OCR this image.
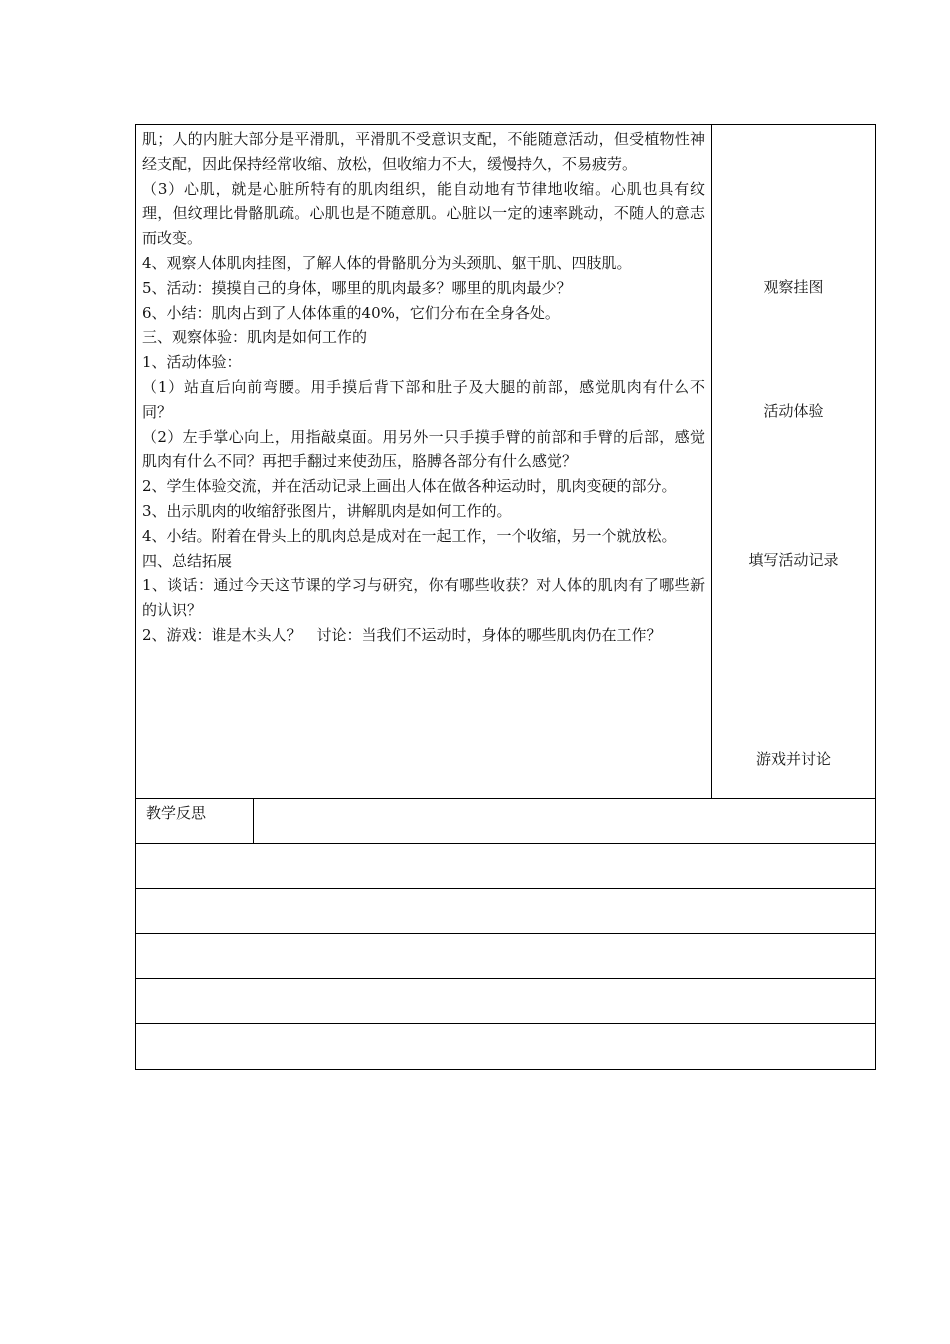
肌；人的内脏大部分是平滑肌，平滑肌不受意识支配，不能随意活动，但受植物性神经支配，因此保持经常收缩、放松，但收缩力不大，缓慢持久，不易疲劳。

（3）心肌，就是心脏所特有的肌肉组织，能自动地有节律地收缩。心肌也具有纹理，但纹理比骨骼肌疏。心肌也是不随意肌。心脏以一定的速率跳动，不随人的意志而改变。

4、观察人体肌肉挂图，了解人体的骨骼肌分为头颈肌、躯干肌、四肢肌。

5、活动：摸摸自己的身体，哪里的肌肉最多？哪里的肌肉最少？

6、小结：肌肉占到了人体体重的40%，它们分布在全身各处。

三、观察体验：肌肉是如何工作的

1、活动体验：

（1）站直后向前弯腰。用手摸后背下部和肚子及大腿的前部，感觉肌肉有什么不同？

（2）左手掌心向上，用指敲桌面。用另外一只手摸手臂的前部和手臂的后部，感觉肌肉有什么不同？再把手翻过来使劲压，胳膊各部分有什么感觉？

2、学生体验交流，并在活动记录上画出人体在做各种运动时，肌肉变硬的部分。

3、出示肌肉的收缩舒张图片，讲解肌肉是如何工作的。

4、小结。附着在骨头上的肌肉总是成对在一起工作，一个收缩，另一个就放松。

四、总结拓展

1、谈话：通过今天这节课的学习与研究，你有哪些收获？对人体的肌肉有了哪些新的认识？

2、游戏：谁是木头人？　讨论：当我们不运动时，身体的哪些肌肉仍在工作？

观察挂图
活动体验
填写活动记录
游戏并讨论
教学反思
